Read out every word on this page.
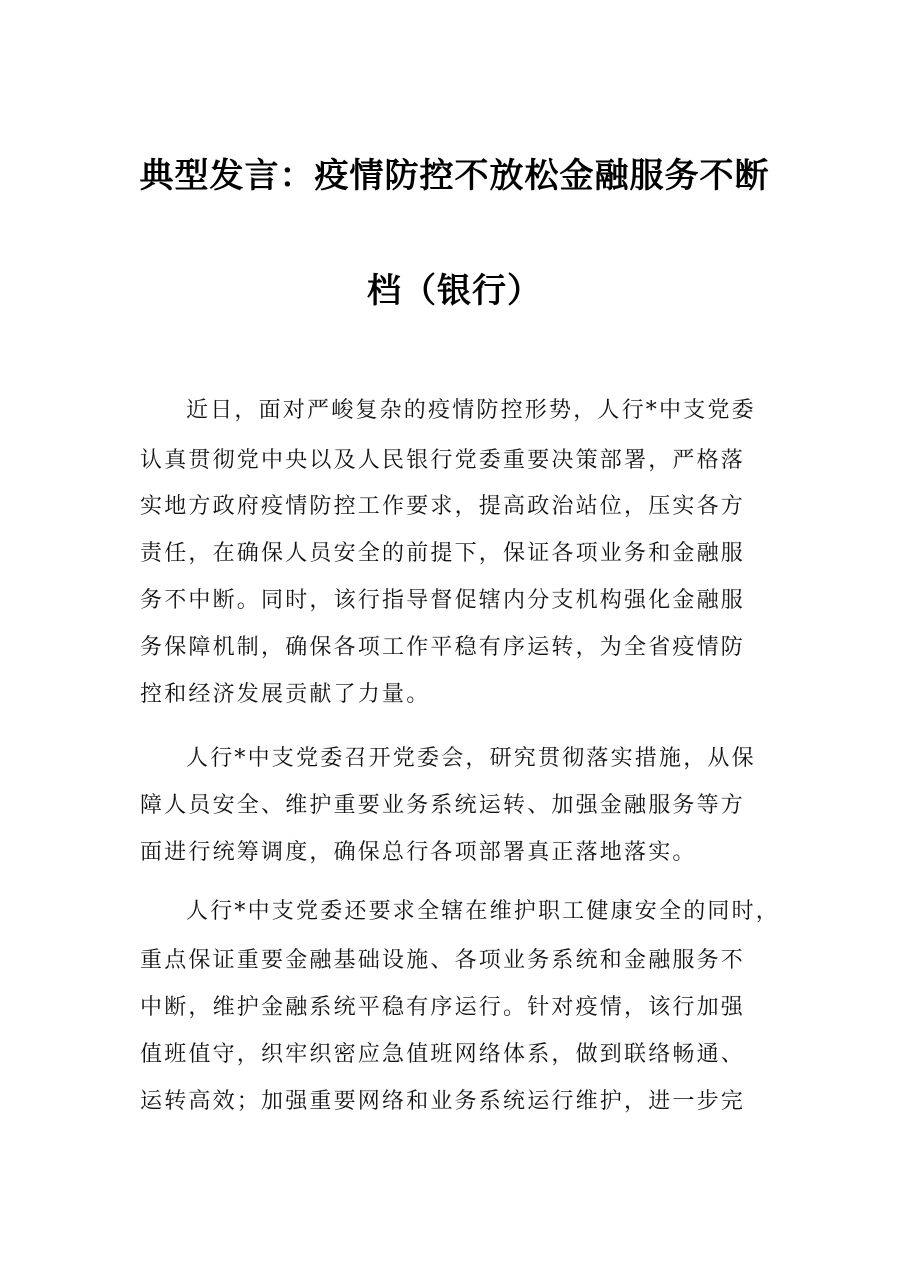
典型发言：疫情防控不放松金融服务不断
档（银行）
近日，面对严峻复杂的疫情防控形势，人行*中支党委
认真贯彻党中央以及人民银行党委重要决策部署，严格落
实地方政府疫情防控工作要求，提高政治站位，压实各方
责任，在确保人员安全的前提下，保证各项业务和金融服
务不中断。同时，该行指导督促辖内分支机构强化金融服
务保障机制，确保各项工作平稳有序运转，为全省疫情防
控和经济发展贡献了力量。
人行*中支党委召开党委会，研究贯彻落实措施，从保
障人员安全、维护重要业务系统运转、加强金融服务等方
面进行统筹调度，确保总行各项部署真正落地落实。
人行*中支党委还要求全辖在维护职工健康安全的同时，
重点保证重要金融基础设施、各项业务系统和金融服务不
中断，维护金融系统平稳有序运行。针对疫情，该行加强
值班值守，织牢织密应急值班网络体系，做到联络畅通、
运转高效；加强重要网络和业务系统运行维护，进一步完
